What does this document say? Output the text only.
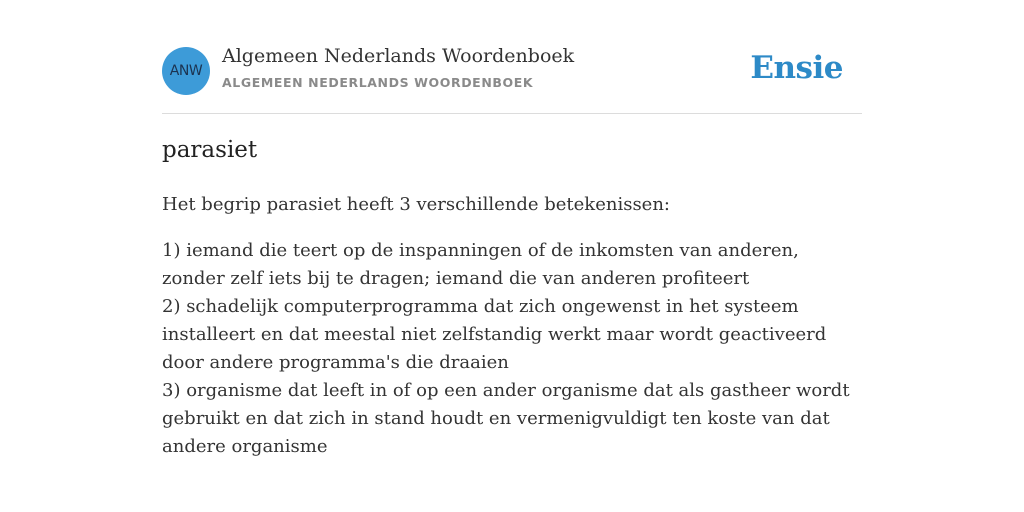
ANW
Algemeen Nederlands Woordenboek
ALGEMEEN NEDERLANDS WOORDENBOEK	Ensie
parasiet

Het begrip parasiet heeft 3 verschillende betekenissen:

1) iemand die teert op de inspanningen of de inkomsten van anderen, zonder zelf iets bij te dragen; iemand die van anderen profiteert
2) schadelijk computerprogramma dat zich ongewenst in het systeem installeert en dat meestal niet zelfstandig werkt maar wordt geactiveerd door andere programma's die draaien
3) organisme dat leeft in of op een ander organisme dat als gastheer wordt gebruikt en dat zich in stand houdt en vermenigvuldigt ten koste van dat andere organisme
